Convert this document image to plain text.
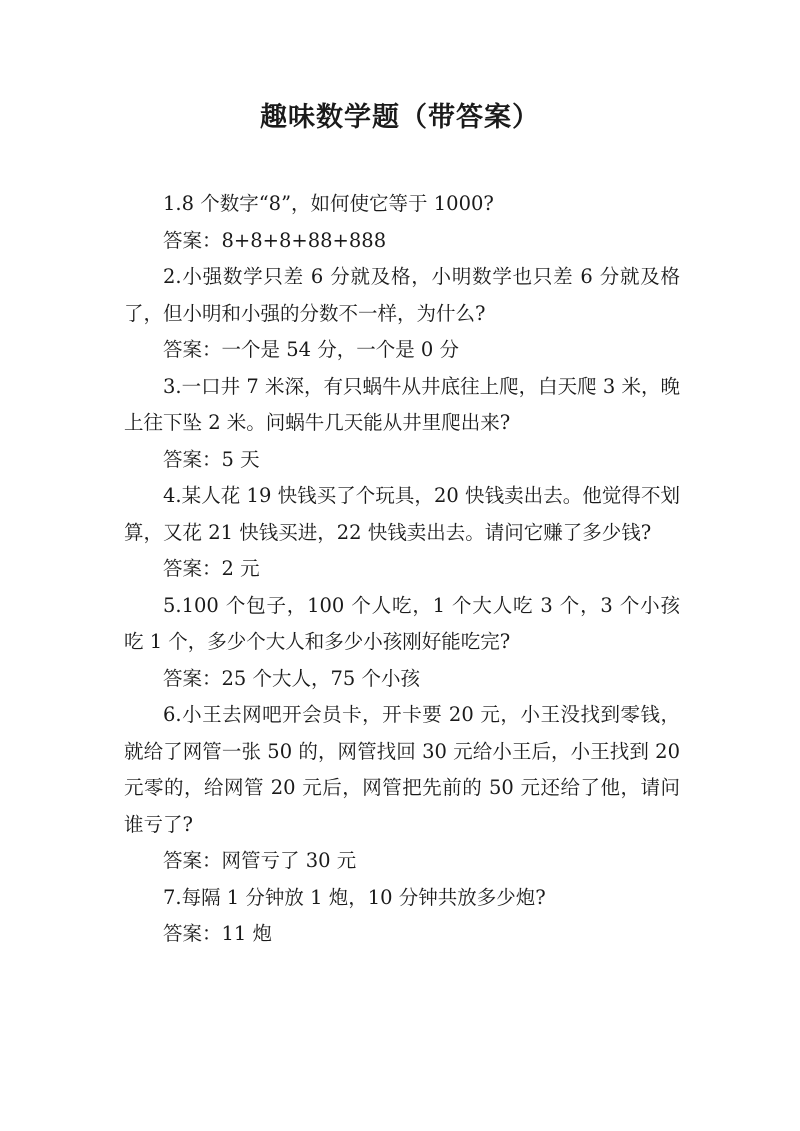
趣味数学题（带答案）

1.8 个数字“8”，如何使它等于 1000?

答案：8+8+8+88+888

2.小强数学只差 6 分就及格，小明数学也只差 6 分就及格了，但小明和小强的分数不一样，为什么?

答案：一个是 54 分，一个是 0 分

3.一口井 7 米深，有只蜗牛从井底往上爬，白天爬 3 米，晚上往下坠 2 米。问蜗牛几天能从井里爬出来?

答案：5 天

4.某人花 19 快钱买了个玩具，20 快钱卖出去。他觉得不划算，又花 21 快钱买进，22 快钱卖出去。请问它赚了多少钱?

答案：2 元

5.100 个包子，100 个人吃，1 个大人吃 3 个，3 个小孩吃 1 个，多少个大人和多少小孩刚好能吃完?

答案：25 个大人，75 个小孩

6.小王去网吧开会员卡，开卡要 20 元，小王没找到零钱，就给了网管一张 50 的，网管找回 30 元给小王后，小王找到 20 元零的，给网管 20 元后，网管把先前的 50 元还给了他，请问谁亏了?

答案：网管亏了 30 元

7.每隔 1 分钟放 1 炮，10 分钟共放多少炮?

答案：11 炮
